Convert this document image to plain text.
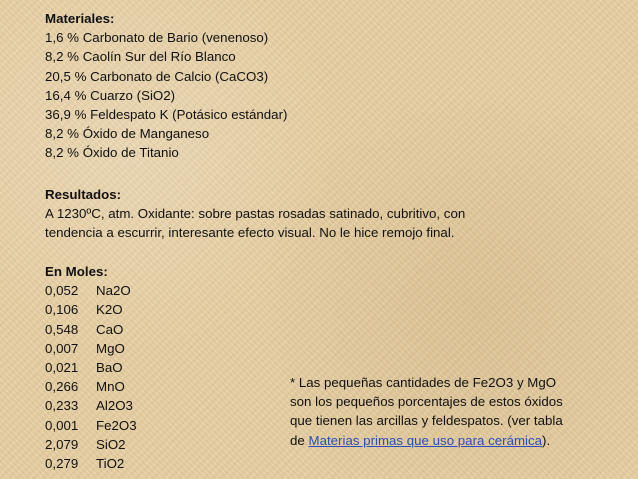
Materiales:
1,6 % Carbonato de Bario (venenoso)
8,2 % Caolín Sur del Río Blanco
20,5 % Carbonato de Calcio (CaCO3)
16,4 % Cuarzo (SiO2)
36,9 % Feldespato K (Potásico estándar)
8,2 % Óxido de Manganeso
8,2 % Óxido de Titanio
Resultados:
A 1230ºC, atm. Oxidante: sobre pastas rosadas satinado, cubritivo, con
tendencia a escurrir, interesante efecto visual. No le hice remojo final.
En Moles:
0,052 Na2O
0,106 K2O
0,548 CaO
0,007 MgO
0,021 BaO
0,266 MnO
0,233 Al2O3
0,001 Fe2O3
2,079 SiO2
0,279 TiO2
* Las pequeñas cantidades de Fe2O3 y MgO
son los pequeños porcentajes de estos óxidos
que tienen las arcillas y feldespatos. (ver tabla
de Materias primas que uso para cerámica).
